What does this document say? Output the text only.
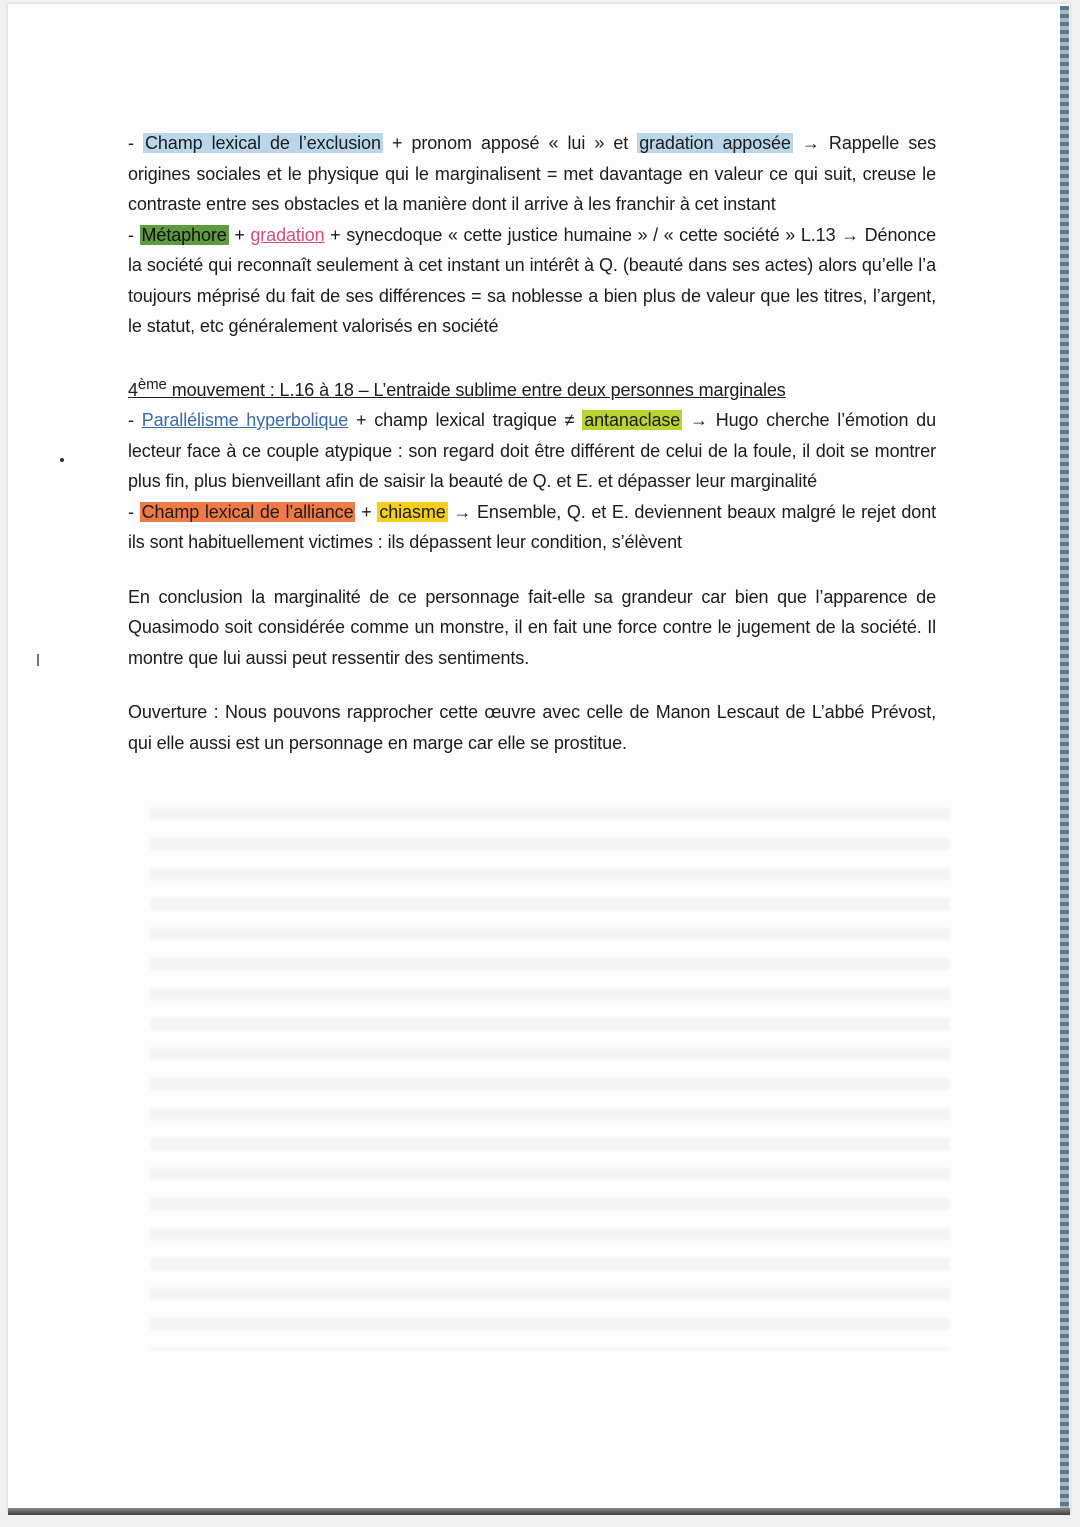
- Champ lexical de l’exclusion + pronom apposé « lui » et gradation apposée → Rappelle ses origines sociales et le physique qui le marginalisent = met davantage en valeur ce qui suit, creuse le contraste entre ses obstacles et la manière dont il arrive à les franchir à cet instant

- Métaphore + gradation + synecdoque « cette justice humaine » / « cette société » L.13 → Dénonce la société qui reconnaît seulement à cet instant un intérêt à Q. (beauté dans ses actes) alors qu’elle l’a toujours méprisé du fait de ses différences = sa noblesse a bien plus de valeur que les titres, l’argent, le statut, etc généralement valorisés en société

4ème mouvement : L.16 à 18 – L’entraide sublime entre deux personnes marginales

- Parallélisme hyperbolique + champ lexical tragique ≠ antanaclase → Hugo cherche l’émotion du lecteur face à ce couple atypique : son regard doit être différent de celui de la foule, il doit se montrer plus fin, plus bienveillant afin de saisir la beauté de Q. et E. et dépasser leur marginalité

- Champ lexical de l’alliance + chiasme → Ensemble, Q. et E. deviennent beaux malgré le rejet dont ils sont habituellement victimes : ils dépassent leur condition, s’élèvent

En conclusion la marginalité de ce personnage fait-elle sa grandeur car bien que l’apparence de Quasimodo soit considérée comme un monstre, il en fait une force contre le jugement de la société. Il montre que lui aussi peut ressentir des sentiments.

Ouverture : Nous pouvons rapprocher cette œuvre avec celle de Manon Lescaut de L’abbé Prévost, qui elle aussi est un personnage en marge car elle se prostitue.
